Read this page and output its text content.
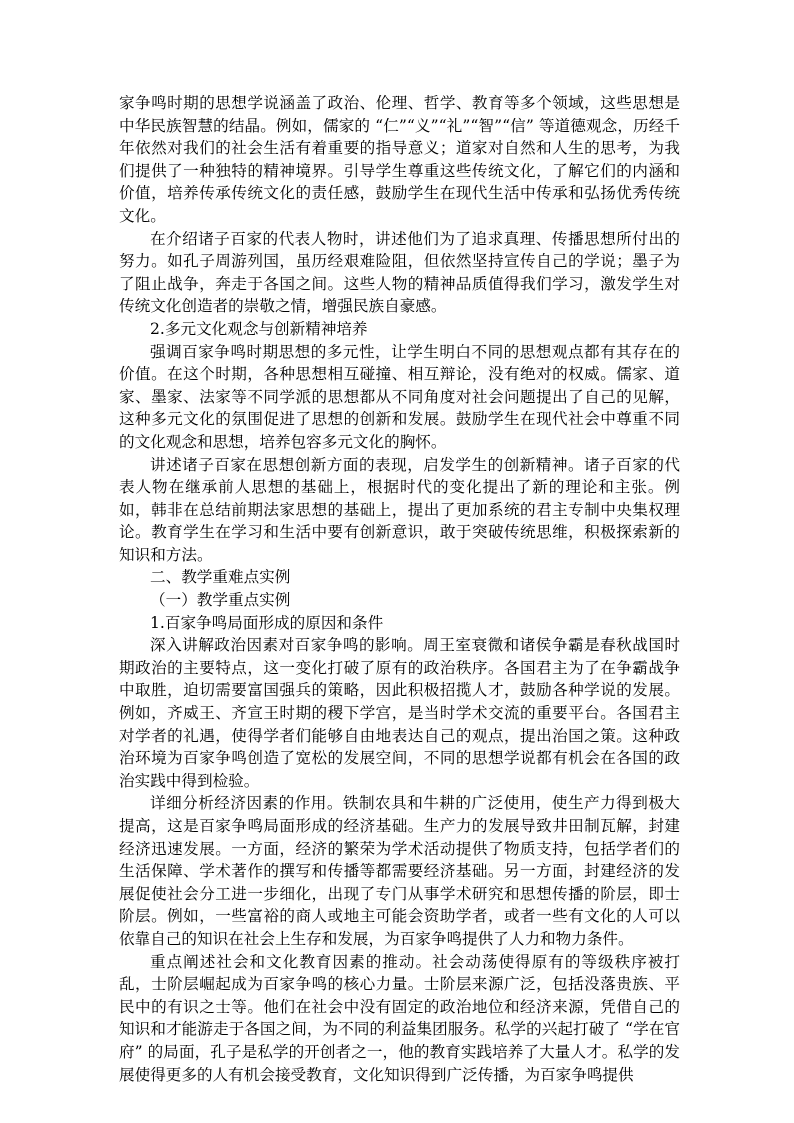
家争鸣时期的思想学说涵盖了政治、伦理、哲学、教育等多个领域，这些思想是中华民族智慧的结晶。例如，儒家的 “仁”“义”“礼”“智”“信” 等道德观念，历经千年依然对我们的社会生活有着重要的指导意义；道家对自然和人生的思考，为我们提供了一种独特的精神境界。引导学生尊重这些传统文化，了解它们的内涵和价值，培养传承传统文化的责任感，鼓励学生在现代生活中传承和弘扬优秀传统文化。

在介绍诸子百家的代表人物时，讲述他们为了追求真理、传播思想所付出的努力。如孔子周游列国，虽历经艰难险阻，但依然坚持宣传自己的学说；墨子为了阻止战争，奔走于各国之间。这些人物的精神品质值得我们学习，激发学生对传统文化创造者的崇敬之情，增强民族自豪感。

2.多元文化观念与创新精神培养

强调百家争鸣时期思想的多元性，让学生明白不同的思想观点都有其存在的价值。在这个时期，各种思想相互碰撞、相互辩论，没有绝对的权威。儒家、道家、墨家、法家等不同学派的思想都从不同角度对社会问题提出了自己的见解，这种多元文化的氛围促进了思想的创新和发展。鼓励学生在现代社会中尊重不同的文化观念和思想，培养包容多元文化的胸怀。

讲述诸子百家在思想创新方面的表现，启发学生的创新精神。诸子百家的代表人物在继承前人思想的基础上，根据时代的变化提出了新的理论和主张。例如，韩非在总结前期法家思想的基础上，提出了更加系统的君主专制中央集权理论。教育学生在学习和生活中要有创新意识，敢于突破传统思维，积极探索新的知识和方法。

二、教学重难点实例

（一）教学重点实例

1.百家争鸣局面形成的原因和条件

深入讲解政治因素对百家争鸣的影响。周王室衰微和诸侯争霸是春秋战国时期政治的主要特点，这一变化打破了原有的政治秩序。各国君主为了在争霸战争中取胜，迫切需要富国强兵的策略，因此积极招揽人才，鼓励各种学说的发展。例如，齐威王、齐宣王时期的稷下学宫，是当时学术交流的重要平台。各国君主对学者的礼遇，使得学者们能够自由地表达自己的观点，提出治国之策。这种政治环境为百家争鸣创造了宽松的发展空间，不同的思想学说都有机会在各国的政治实践中得到检验。

详细分析经济因素的作用。铁制农具和牛耕的广泛使用，使生产力得到极大提高，这是百家争鸣局面形成的经济基础。生产力的发展导致井田制瓦解，封建经济迅速发展。一方面，经济的繁荣为学术活动提供了物质支持，包括学者们的生活保障、学术著作的撰写和传播等都需要经济基础。另一方面，封建经济的发展促使社会分工进一步细化，出现了专门从事学术研究和思想传播的阶层，即士阶层。例如，一些富裕的商人或地主可能会资助学者，或者一些有文化的人可以依靠自己的知识在社会上生存和发展，为百家争鸣提供了人力和物力条件。

重点阐述社会和文化教育因素的推动。社会动荡使得原有的等级秩序被打乱，士阶层崛起成为百家争鸣的核心力量。士阶层来源广泛，包括没落贵族、平民中的有识之士等。他们在社会中没有固定的政治地位和经济来源，凭借自己的知识和才能游走于各国之间，为不同的利益集团服务。私学的兴起打破了 “学在官府” 的局面，孔子是私学的开创者之一，他的教育实践培养了大量人才。私学的发展使得更多的人有机会接受教育，文化知识得到广泛传播，为百家争鸣提供
